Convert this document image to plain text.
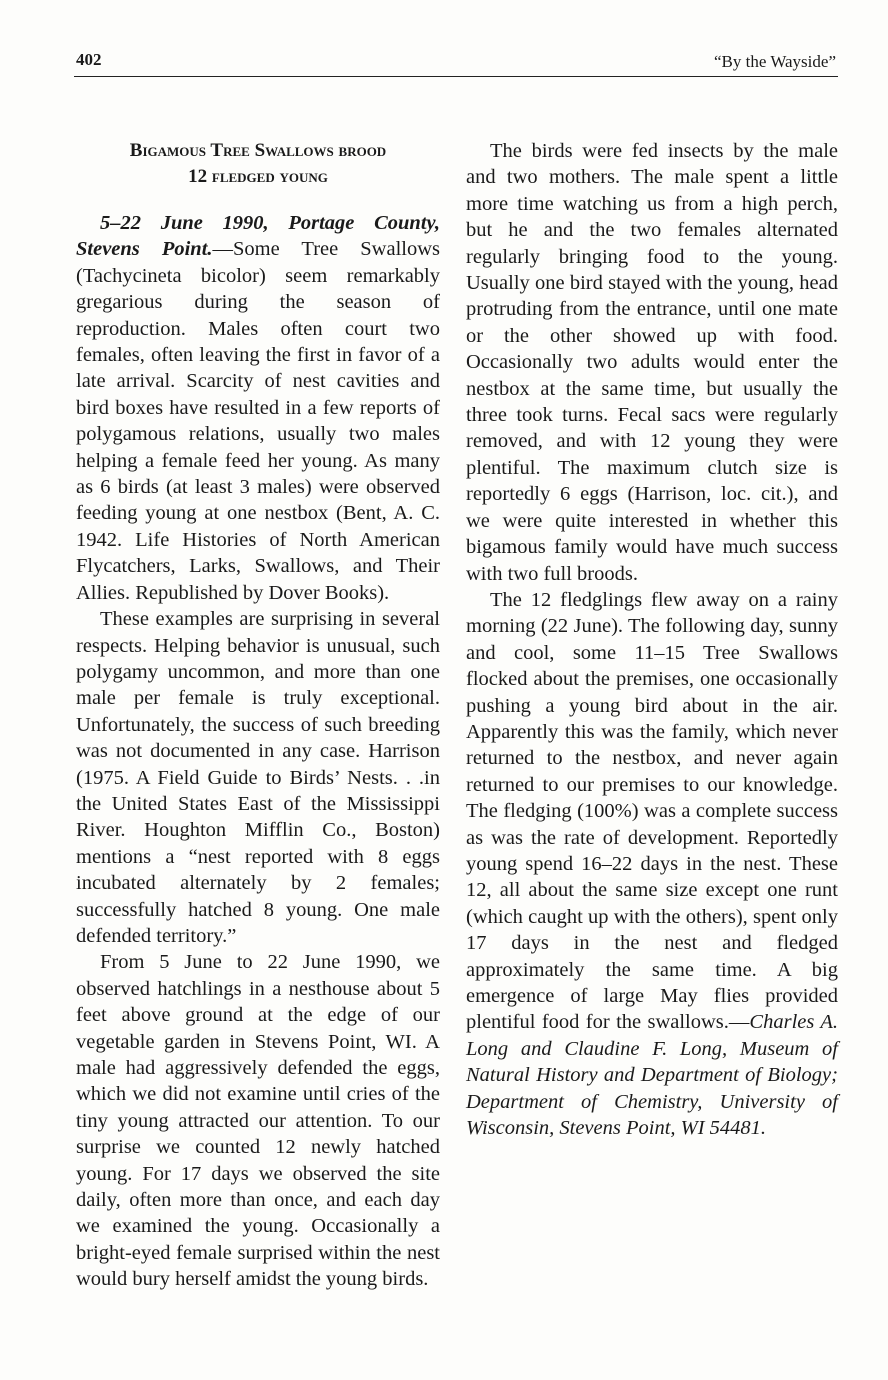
402	“By the Wayside”
Bigamous Tree Swallows brood
12 fledged young

5–22 June 1990, Portage County, Stevens Point.—Some Tree Swallows (Tachycineta bicolor) seem remarkably gregarious during the season of reproduction. Males often court two females, often leaving the first in favor of a late arrival. Scarcity of nest cavities and bird boxes have resulted in a few reports of polygamous relations, usually two males helping a female feed her young. As many as 6 birds (at least 3 males) were observed feeding young at one nestbox (Bent, A. C. 1942. Life Histories of North American Flycatchers, Larks, Swallows, and Their Allies. Republished by Dover Books).

These examples are surprising in several respects. Helping behavior is unusual, such polygamy uncommon, and more than one male per female is truly exceptional. Unfortunately, the success of such breeding was not documented in any case. Harrison (1975. A Field Guide to Birds’ Nests. . .in the United States East of the Mississippi River. Houghton Mifflin Co., Boston) mentions a “nest reported with 8 eggs incubated alternately by 2 females; successfully hatched 8 young. One male defended territory.”

From 5 June to 22 June 1990, we observed hatchlings in a nesthouse about 5 feet above ground at the edge of our vegetable garden in Stevens Point, WI. A male had aggressively defended the eggs, which we did not examine until cries of the tiny young attracted our attention. To our surprise we counted 12 newly hatched young. For 17 days we observed the site daily, often more than once, and each day we examined the young. Occasionally a bright-eyed female surprised within the nest would bury herself amidst the young birds.

The birds were fed insects by the male and two mothers. The male spent a little more time watching us from a high perch, but he and the two females alternated regularly bringing food to the young. Usually one bird stayed with the young, head protruding from the entrance, until one mate or the other showed up with food. Occasionally two adults would enter the nestbox at the same time, but usually the three took turns. Fecal sacs were regularly removed, and with 12 young they were plentiful. The maximum clutch size is reportedly 6 eggs (Harrison, loc. cit.), and we were quite interested in whether this bigamous family would have much success with two full broods.

The 12 fledglings flew away on a rainy morning (22 June). The following day, sunny and cool, some 11–15 Tree Swallows flocked about the premises, one occasionally pushing a young bird about in the air. Apparently this was the family, which never returned to the nestbox, and never again returned to our premises to our knowledge. The fledging (100%) was a complete success as was the rate of development. Reportedly young spend 16–22 days in the nest. These 12, all about the same size except one runt (which caught up with the others), spent only 17 days in the nest and fledged approximately the same time. A big emergence of large May flies provided plentiful food for the swallows.—Charles A. Long and Claudine F. Long, Museum of Natural History and Department of Biology; Department of Chemistry, University of Wisconsin, Stevens Point, WI 54481.
